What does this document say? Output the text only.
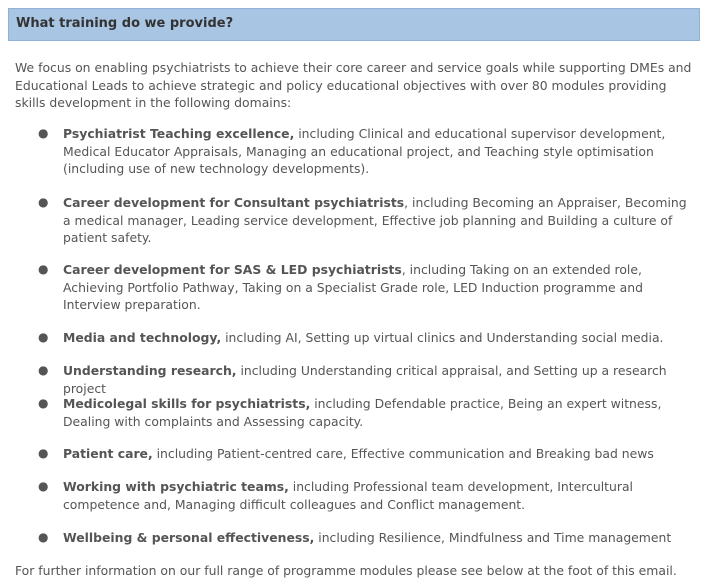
What training do we provide?
We focus on enabling psychiatrists to achieve their core career and service goals while supporting DMEs and Educational Leads to achieve strategic and policy educational objectives with over 80 modules providing skills development in the following domains:
● Psychiatrist Teaching excellence, including Clinical and educational supervisor development, Medical Educator Appraisals, Managing an educational project, and Teaching style optimisation (including use of new technology developments).
● Career development for Consultant psychiatrists, including Becoming an Appraiser, Becoming a medical manager, Leading service development, Effective job planning and Building a culture of patient safety.
● Career development for SAS & LED psychiatrists, including Taking on an extended role, Achieving Portfolio Pathway, Taking on a Specialist Grade role, LED Induction programme and Interview preparation.
● Media and technology, including AI, Setting up virtual clinics and Understanding social media.
● Understanding research, including Understanding critical appraisal, and Setting up a research project
● Medicolegal skills for psychiatrists, including Defendable practice, Being an expert witness, Dealing with complaints and Assessing capacity.
● Patient care, including Patient-centred care, Effective communication and Breaking bad news
● Working with psychiatric teams, including Professional team development, Intercultural competence and, Managing difficult colleagues and Conflict management.
● Wellbeing & personal effectiveness, including Resilience, Mindfulness and Time management
For further information on our full range of programme modules please see below at the foot of this email.
